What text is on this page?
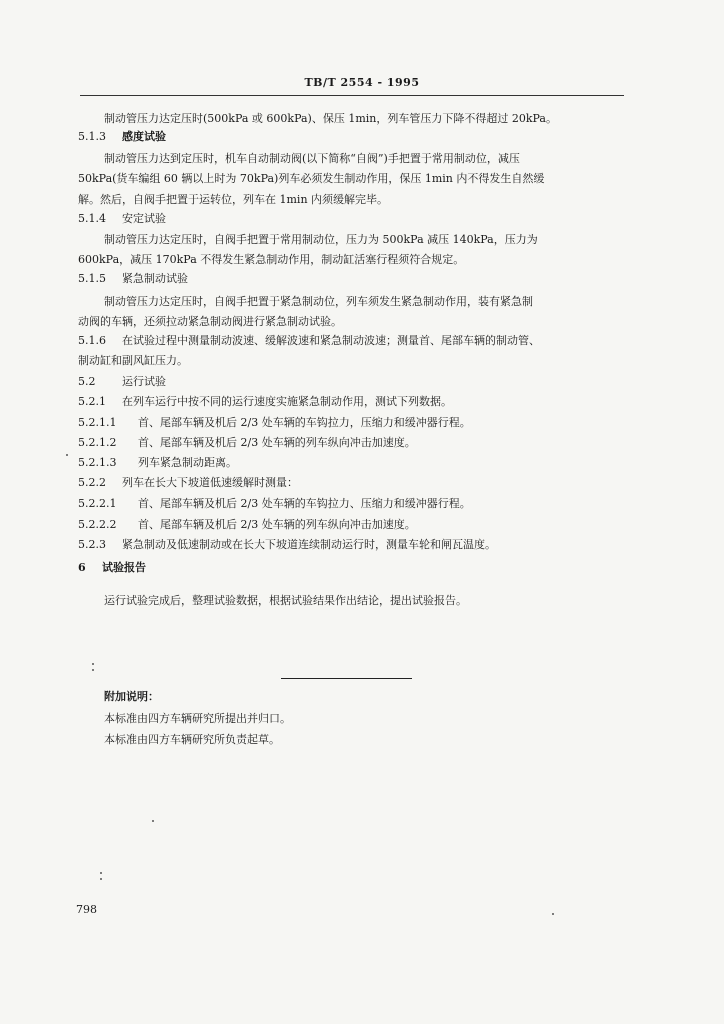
TB/T 2554 - 1995
制动管压力达定压时(500kPa 或 600kPa)、保压 1min，列车管压力下降不得超过 20kPa。
5.1.3 感度试验
制动管压力达到定压时，机车自动制动阀(以下简称“自阀”)手把置于常用制动位，减压
50kPa(货车编组 60 辆以上时为 70kPa)列车必须发生制动作用，保压 1min 内不得发生自然缓
解。然后，自阀手把置于运转位，列车在 1min 内须缓解完毕。
5.1.4 安定试验
制动管压力达定压时，自阀手把置于常用制动位，压力为 500kPa 减压 140kPa，压力为
600kPa，减压 170kPa 不得发生紧急制动作用，制动缸活塞行程须符合规定。
5.1.5 紧急制动试验
制动管压力达定压时，自阀手把置于紧急制动位，列车须发生紧急制动作用，装有紧急制
动阀的车辆，还须拉动紧急制动阀进行紧急制动试验。
5.1.6 在试验过程中测量制动波速、缓解波速和紧急制动波速；测量首、尾部车辆的制动管、
制动缸和副风缸压力。
5.2 运行试验
5.2.1 在列车运行中按不同的运行速度实施紧急制动作用，测试下列数据。
5.2.1.1 首、尾部车辆及机后 2/3 处车辆的车钩拉力，压缩力和缓冲器行程。
5.2.1.2 首、尾部车辆及机后 2/3 处车辆的列车纵向冲击加速度。
5.2.1.3 列车紧急制动距离。
5.2.2 列车在长大下坡道低速缓解时测量：
5.2.2.1 首、尾部车辆及机后 2/3 处车辆的车钩拉力、压缩力和缓冲器行程。
5.2.2.2 首、尾部车辆及机后 2/3 处车辆的列车纵向冲击加速度。
5.2.3 紧急制动及低速制动或在长大下坡道连续制动运行时，测量车轮和闸瓦温度。
6 试验报告
运行试验完成后，整理试验数据，根据试验结果作出结论，提出试验报告。
附加说明：
本标准由四方车辆研究所提出并归口。
本标准由四方车辆研究所负责起草。
798
